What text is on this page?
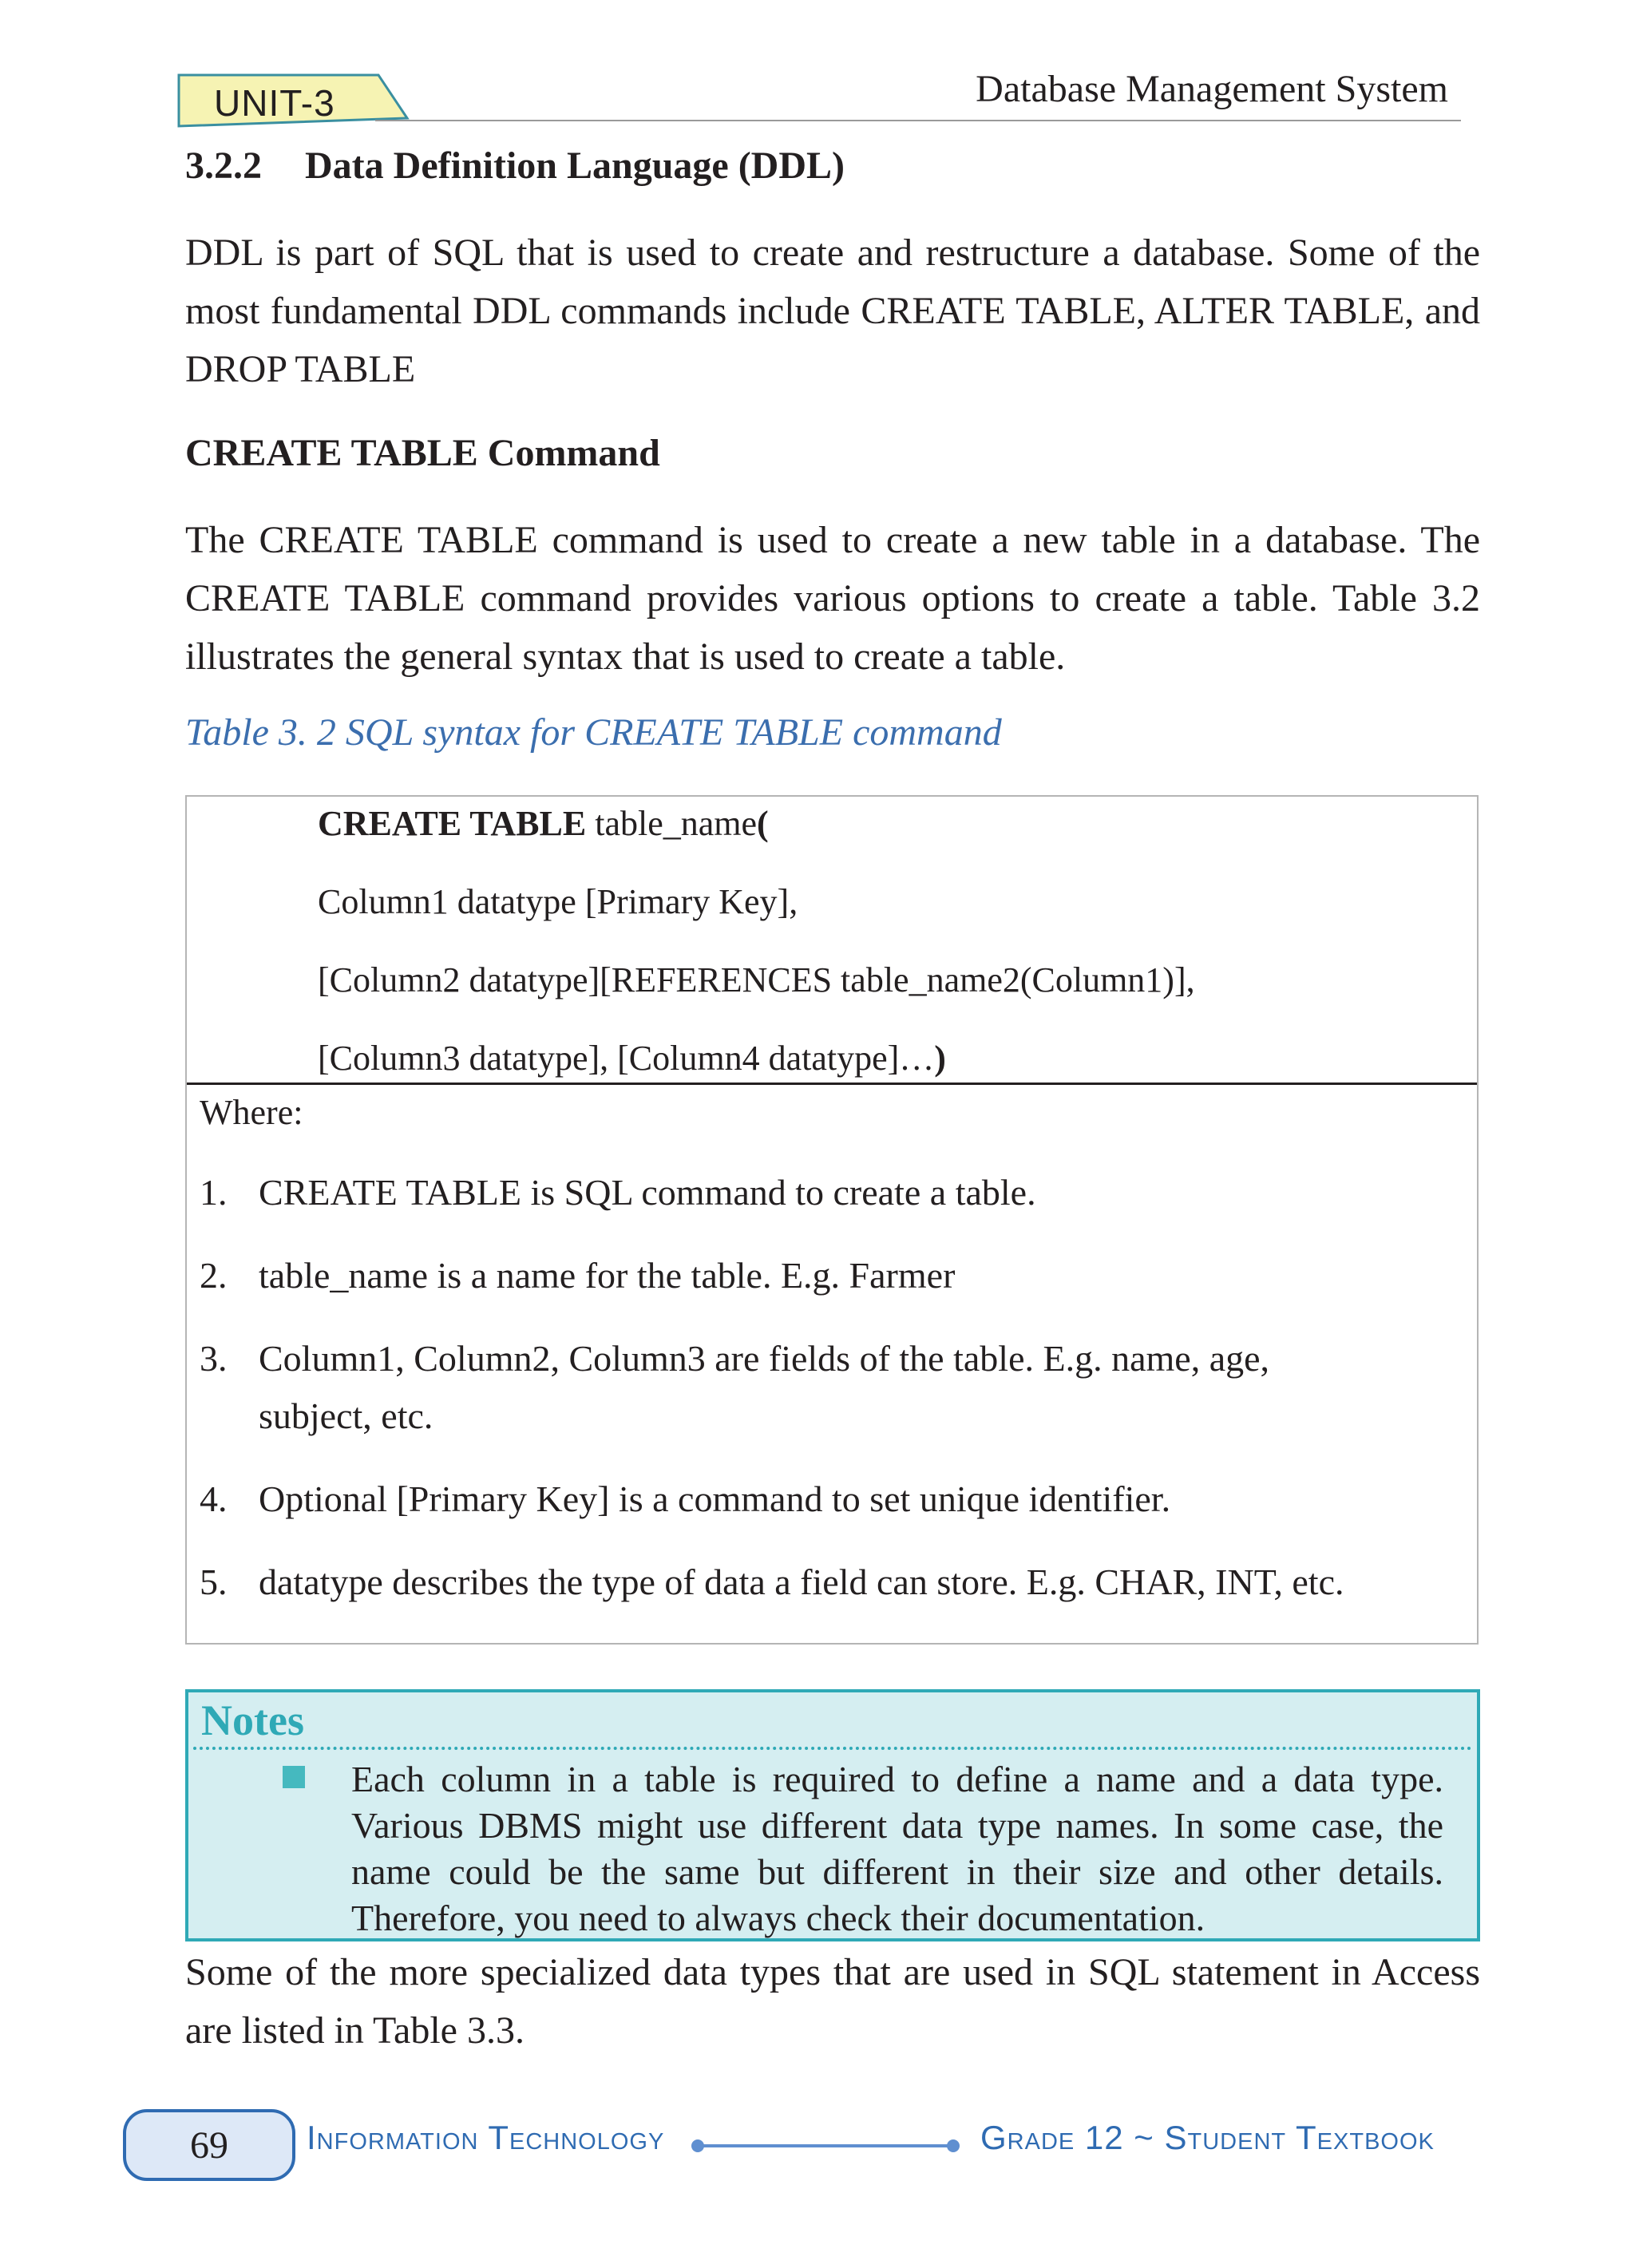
UNIT-3	Database Management System
3.2.2 Data Definition Language (DDL)
DDL is part of SQL that is used to create and restructure a database. Some of the most fundamental DDL commands include CREATE TABLE, ALTER TABLE, and DROP TABLE
CREATE TABLE Command
The CREATE TABLE command is used to create a new table in a database. The CREATE TABLE command provides various options to create a table. Table 3.2 illustrates the general syntax that is used to create a table.
Table 3. 2 SQL syntax for CREATE TABLE command
CREATE TABLE table_name(
Column1 datatype [Primary Key],
[Column2 datatype][REFERENCES table_name2(Column1)],
[Column3 datatype], [Column4 datatype]…)
Where:
1. CREATE TABLE is SQL command to create a table.
2. table_name is a name for the table. E.g. Farmer
3. Column1, Column2, Column3 are fields of the table. E.g. name, age,
subject, etc.
4. Optional [Primary Key] is a command to set unique identifier.
5. datatype describes the type of data a field can store. E.g. CHAR, INT, etc.
Notes
Each column in a table is required to define a name and a data type. Various DBMS might use different data type names. In some case, the name could be the same but different in their size and other details. Therefore, you need to always check their documentation.
Some of the more specialized data types that are used in SQL statement in Access are listed in Table 3.3.
69	Information Technology	Grade 12 ~ Student Textbook
